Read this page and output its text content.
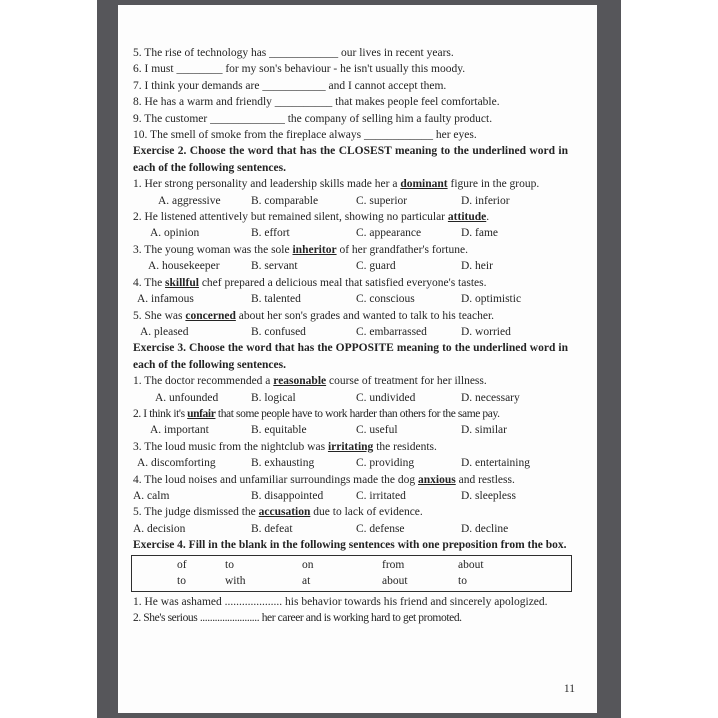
5. The rise of technology has ____________ our lives in recent years.

6. I must ________ for my son's behaviour - he isn't usually this moody.

7. I think your demands are ___________ and I cannot accept them.

8. He has a warm and friendly __________ that makes people feel comfortable.

9. The customer _____________ the company of selling him a faulty product.

10. The smell of smoke from the fireplace always ____________ her eyes.

Exercise 2. Choose the word that has the CLOSEST meaning to the underlined word in each of the following sentences.

1. Her strong personality and leadership skills made her a dominant figure in the group.

A. aggressive	B. comparable	C. superior	D. inferior

2. He listened attentively but remained silent, showing no particular attitude.

A. opinion	B. effort	C. appearance	D. fame

3. The young woman was the sole inheritor of her grandfather's fortune.

A. housekeeper	B. servant	C. guard	D. heir

4. The skillful chef prepared a delicious meal that satisfied everyone's tastes.

A. infamous	B. talented	C. conscious	D. optimistic

5. She was concerned about her son's grades and wanted to talk to his teacher.

A. pleased	B. confused	C. embarrassed	D. worried

Exercise 3. Choose the word that has the OPPOSITE meaning to the underlined word in each of the following sentences.

1. The doctor recommended a reasonable course of treatment for her illness.

A. unfounded	B. logical	C. undivided	D. necessary

2. I think it's unfair that some people have to work harder than others for the same pay.

A. important	B. equitable	C. useful	D. similar

3. The loud music from the nightclub was irritating the residents.

A. discomforting	B. exhausting	C. providing	D. entertaining

4. The loud noises and unfamiliar surroundings made the dog anxious and restless.

A. calm	B. disappointed	C. irritated	D. sleepless

5. The judge dismissed the accusation due to lack of evidence.

A. decision	B. defeat	C. defense	D. decline

Exercise 4. Fill in the blank in the following sentences with one preposition from the box.

of	to	on	from	about
to	with	at	about	to

1. He was ashamed .................... his behavior towards his friend and sincerely apologized.

2. She's serious ........................ her career and is working hard to get promoted.

11
